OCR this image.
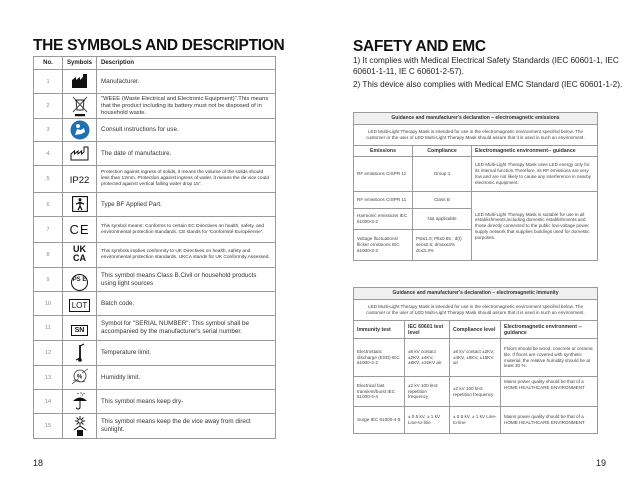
THE SYMBOLS AND DESCRIPTION
No.	Symbols	Description
1		Manufacturer.
2		"WEEE (Waste Electrical and Electronic Equipment)".This means that the product including its battery must not be disposed of in household waste.
3		Consult instructions for use.
4		The date of manufacture.
5	IP22	Protection against ingress of solids, it means the volume of the solids should less than 12mm. Protection against ingress of water, it means the de vice could protected against vertical falling water drop 15°.
6		Type BF Applied Part.
7	CE	This symbol means: Conforms to certain EC Directives on health, safety, and environmental protection standards. CE stands for 'Conformité Européenne'.
8	UK CA	This symbols implies conformity to UK Directives on health, safety and environmental protection standards. UKCA stands for UK Conformity Assessed.
9	PS E	This symbol means:Class B,Civil or household products using light sources
10	LOT	Batch code.
11	SN	Symbol for "SERIAL NUMBER". This symbol shall be accompanied by the manufacturer's serial number.
12		Temperature limit.
13	%	Humidity limit.
14		This symbol means keep dry-
15		This symbol means keep the de vice away from direct sunlight.
18
SAFETY AND EMC
1) It complies with Medical Electrical Safety Standards (IEC 60601-1, IEC 60601-1-11, IE C 60601-2-57).
2) This device also complies with Medical EMC Standard (IEC 60601-1-2).
Guidance and manufacturer's declaration – electromagnetic emissions		
LED Multi-Light Therapy Mask is intended for use in the electromagnetic environment specifed below. The customer or the user of LED Multi-Light Therapy Mask should assure that it is used in such an environment.		
Emissions	Compliance	Electromagnetic environment-- guidance
RF emissions CISPR 11	Group 1	LED Multi-Light Therapy Mask uses LED energy only for its internal function.Therefore, its RF emissions are very low and are not likely to cause any interference in nearby electronic equipment.
RF emissions CISPR 11	Class B	LED Multi-Light Therapy Mask is suitable for use in all establishments,including domestic establishments and those directly connected to the public low-voltage power supply network that supplies buildings used for domestic purposes.
Harmonic emissions IEC 61000-3-2	Not applicable	
Voltage fluctuations/ flicker emissions IEC 61000-3-3	Pst≤1.0; Plt≤0.65 ; d(t) sec≤0.5; dmax≤4% dc≤3.3%	
Guidance and manufacturer's declaration – electromagnetic immunity			
LED Multi-Light Therapy Mask is intended for use in the electromagnetic environment specifed below. The customer or the user of LED Multi-Light Therapy Mask should assure that it is used in such an environment.			
Immunity test	IEC 60601 test level	Compliance level	Electromagnetic environment --guidance
Electrostatic discharge (ESD) IEC 61000-4-2	±8 kV contact ±2KV, ±4KV, ±8KV, ±15KV air	±8 kV contact ±2KV, ±4KV, ±8KV, ±15KV air	Floors should be wood, concrete or ceramic tile. If floors are covered with synthetic material, the relative humidity should be at least 30 %.
Electrical fast transient/burst IEC 61000-4-4	±2 kV 100 kHz repetition frequency	±2 kV 100 kHz repetition frequency	Mains power quality should be that of a HOME HEALTHCARE ENVIRONMENT
Surge IEC 61000-4-5	± 0.5 kV, ± 1 kV Line-to-line	± 0.5 kV, ± 1 kV Line-to-line	Mains power quality should be that of a HOME HEALTHCARE ENVIRONMENT
19
